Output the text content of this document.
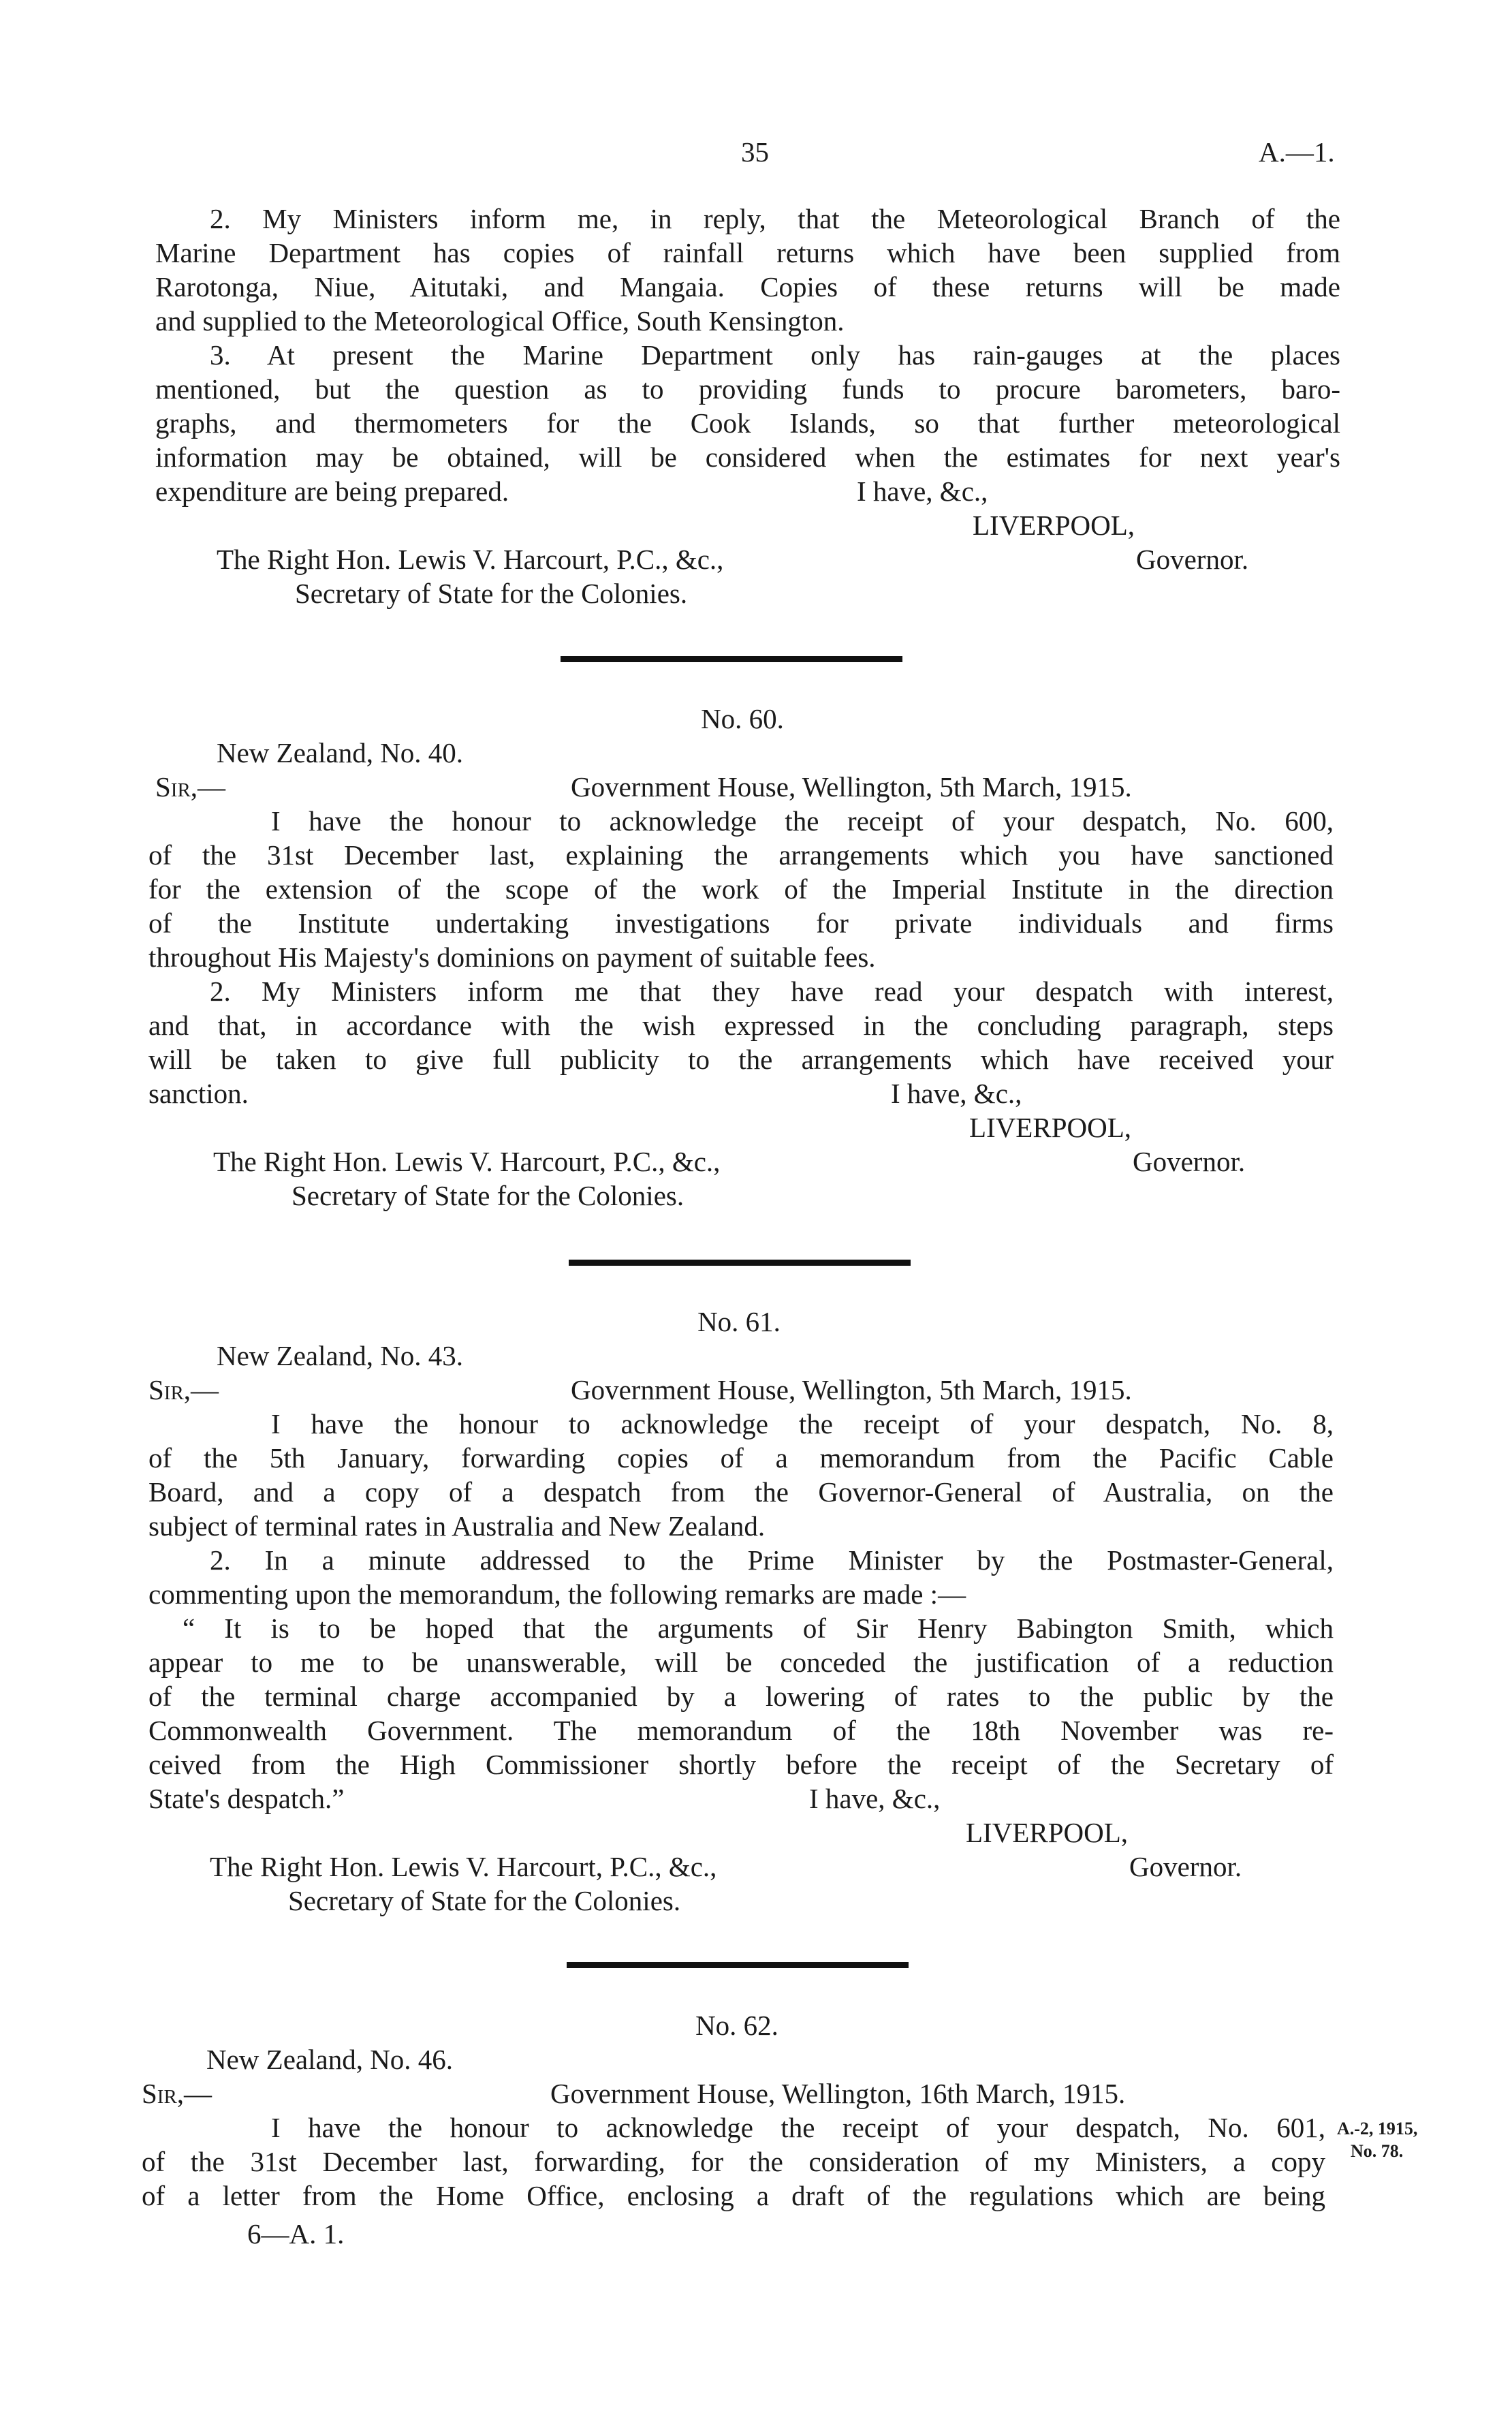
35	A.—1.
2. My Ministers inform me, in reply, that the Meteorological Branch of the
Marine Department has copies of rainfall returns which have been supplied from
Rarotonga, Niue, Aitutaki, and Mangaia. Copies of these returns will be made
and supplied to the Meteorological Office, South Kensington.
3. At present the Marine Department only has rain-gauges at the places
mentioned, but the question as to providing funds to procure barometers, baro-
graphs, and thermometers for the Cook Islands, so that further meteorological
information may be obtained, will be considered when the estimates for next year's
expenditure are being prepared.	I have, &c.,
LIVERPOOL,
The Right Hon. Lewis V. Harcourt, P.C., &c.,	Governor.
Secretary of State for the Colonies.
No. 60.
New Zealand, No. 40.
Sir,—	Government House, Wellington, 5th March, 1915.
I have the honour to acknowledge the receipt of your despatch, No. 600,
of the 31st December last, explaining the arrangements which you have sanctioned
for the extension of the scope of the work of the Imperial Institute in the direction
of the Institute undertaking investigations for private individuals and firms
throughout His Majesty's dominions on payment of suitable fees.
2. My Ministers inform me that they have read your despatch with interest,
and that, in accordance with the wish expressed in the concluding paragraph, steps
will be taken to give full publicity to the arrangements which have received your
sanction.	I have, &c.,
LIVERPOOL,
The Right Hon. Lewis V. Harcourt, P.C., &c.,	Governor.
Secretary of State for the Colonies.
No. 61.
New Zealand, No. 43.
Sir,—	Government House, Wellington, 5th March, 1915.
I have the honour to acknowledge the receipt of your despatch, No. 8,
of the 5th January, forwarding copies of a memorandum from the Pacific Cable
Board, and a copy of a despatch from the Governor-General of Australia, on the
subject of terminal rates in Australia and New Zealand.
2. In a minute addressed to the Prime Minister by the Postmaster-General,
commenting upon the memorandum, the following remarks are made :—
“ It is to be hoped that the arguments of Sir Henry Babington Smith, which
appear to me to be unanswerable, will be conceded the justification of a reduction
of the terminal charge accompanied by a lowering of rates to the public by the
Commonwealth Government. The memorandum of the 18th November was re-
ceived from the High Commissioner shortly before the receipt of the Secretary of
State's despatch.”	I have, &c.,
LIVERPOOL,
The Right Hon. Lewis V. Harcourt, P.C., &c.,	Governor.
Secretary of State for the Colonies.
No. 62.
New Zealand, No. 46.
Sir,—	Government House, Wellington, 16th March, 1915.
I have the honour to acknowledge the receipt of your despatch, No. 601,
of the 31st December last, forwarding, for the consideration of my Ministers, a copy
of a letter from the Home Office, enclosing a draft of the regulations which are being
A.-2, 1915,
No. 78.
6—A. 1.
